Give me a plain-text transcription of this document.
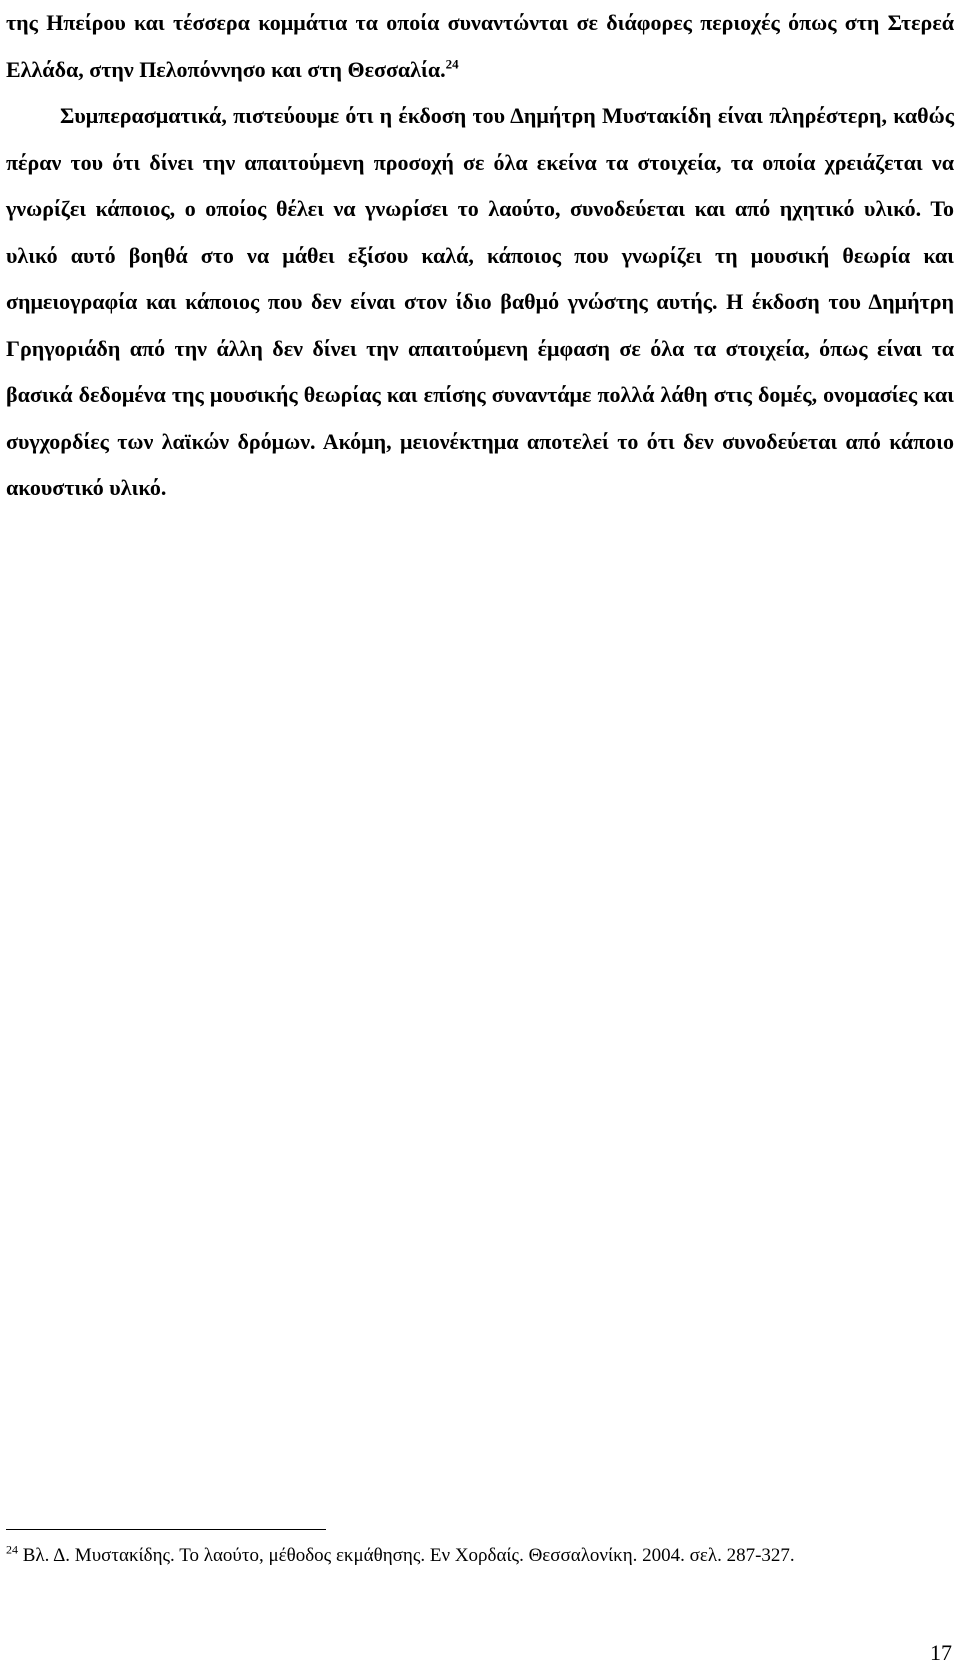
της Ηπείρου και τέσσερα κομμάτια τα οποία συναντώνται σε διάφορες περιοχές όπως στη Στερεά Ελλάδα, στην Πελοπόννησο και στη Θεσσαλία.$^{24}$

Συμπερασματικά, πιστεύουμε ότι η έκδοση του Δημήτρη Μυστακίδη είναι πληρέστερη, καθώς πέραν του ότι δίνει την απαιτούμενη προσοχή σε όλα εκείνα τα στοιχεία, τα οποία χρειάζεται να γνωρίζει κάποιος, ο οποίος θέλει να γνωρίσει το λαούτο, συνοδεύεται και από ηχητικό υλικό. Το υλικό αυτό βοηθά στο να μάθει εξίσου καλά, κάποιος που γνωρίζει τη μουσική θεωρία και σημειογραφία και κάποιος που δεν είναι στον ίδιο βαθμό γνώστης αυτής. Η έκδοση του Δημήτρη Γρηγοριάδη από την άλλη δεν δίνει την απαιτούμενη έμφαση σε όλα τα στοιχεία, όπως είναι τα βασικά δεδομένα της μουσικής θεωρίας και επίσης συναντάμε πολλά λάθη στις δομές, ονομασίες και συγχορδίες των λαϊκών δρόμων. Ακόμη, μειονέκτημα αποτελεί το ότι δεν συνοδεύεται από κάποιο ακουστικό υλικό.

$^{24}$ Βλ. Δ. Μυστακίδης. Το λαούτο, μέθοδος εκμάθησης. Εν Χορδαίς. Θεσσαλονίκη. 2004. σελ. 287-327.

17
